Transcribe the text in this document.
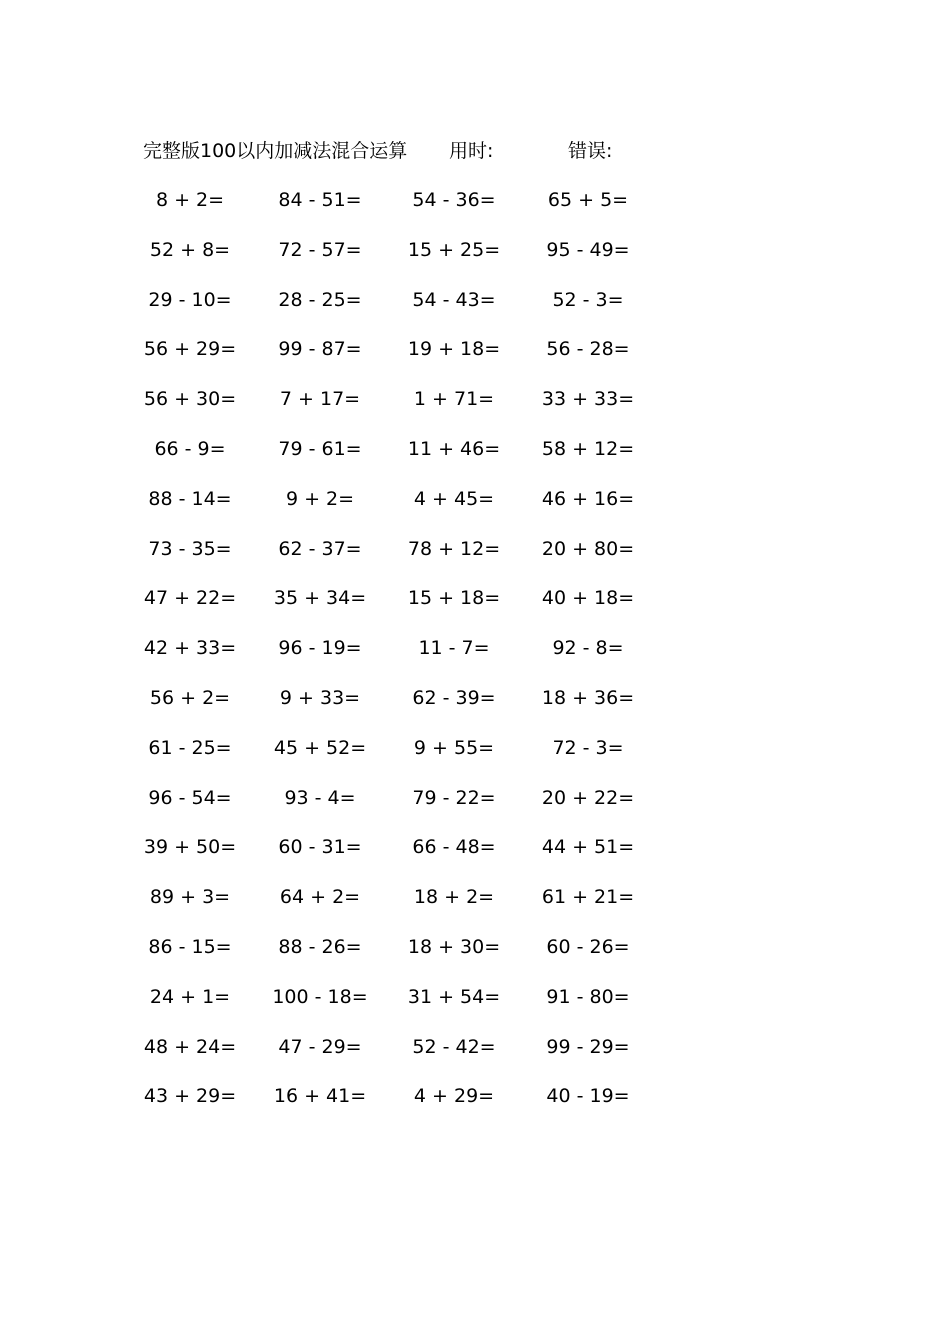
完整版100以内加减法混合运算 用时:	错误:
8 + 2=	84 - 51=	54 - 36=	65 + 5=
52 + 8=	72 - 57= 15 + 25= 95 - 49=
29 - 10= 28 - 25=	54 - 43=	52 - 3=
56 + 29= 99 - 87= 19 + 18= 56 - 28=
56 + 30= 7 + 17=	1 + 71=	33 + 33=
66 - 9=	79 - 61= 11 + 46= 58 + 12=
88 - 14=	9 + 2=	4 + 45=	46 + 16=
73 - 35= 62 - 37= 78 + 12= 20 + 80=
47 + 22= 35 + 34= 15 + 18= 40 + 18=
42 + 33= 96 - 19=	11 - 7=	92 - 8=
56 + 2=	9 + 33=	62 - 39= 18 + 36=
61 - 25= 45 + 52=	9 + 55=	72 - 3=
96 - 54=	93 - 4=	79 - 22= 20 + 22=
39 + 50= 60 - 31=	66 - 48= 44 + 51=
89 + 3=	64 + 2=	18 + 2=	61 + 21=
86 - 15= 88 - 26= 18 + 30= 60 - 26=
24 + 1= 100 - 18= 31 + 54= 91 - 80=
48 + 24= 47 - 29=	52 - 42=	99 - 29=
43 + 29= 16 + 41=	4 + 29=	40 - 19=
